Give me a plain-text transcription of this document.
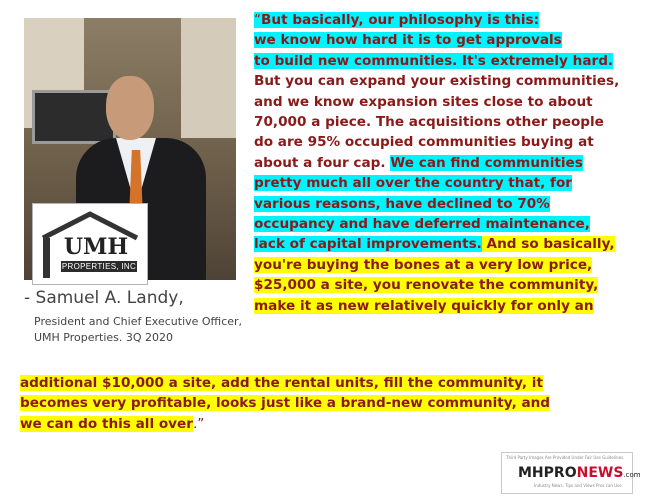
UMH
PROPERTIES, INC
- Samuel A. Landy,
President and Chief Executive Officer,
UMH Properties. 3Q 2020
“But basically, our philosophy is this:
we know how hard it is to get approvals
to build new communities. It's extremely hard.
But you can expand your existing communities,
and we know expansion sites close to about
70,000 a piece. The acquisitions other people
do are 95% occupied communities buying at
about a four cap. We can find communities
pretty much all over the country that, for
various reasons, have declined to 70%
occupancy and have deferred maintenance,
lack of capital improvements. And so basically,
you're buying the bones at a very low price,
$25,000 a site, you renovate the community,
make it as new relatively quickly for only an
additional $10,000 a site, add the rental units, fill the community, it
becomes very profitable, looks just like a brand-new community, and
we can do this all over.”
Third Party Images Are Provided Under Fair Use Guidelines.
MHPRONEWS.com
Industry News, Tips and Views Pros can Use
